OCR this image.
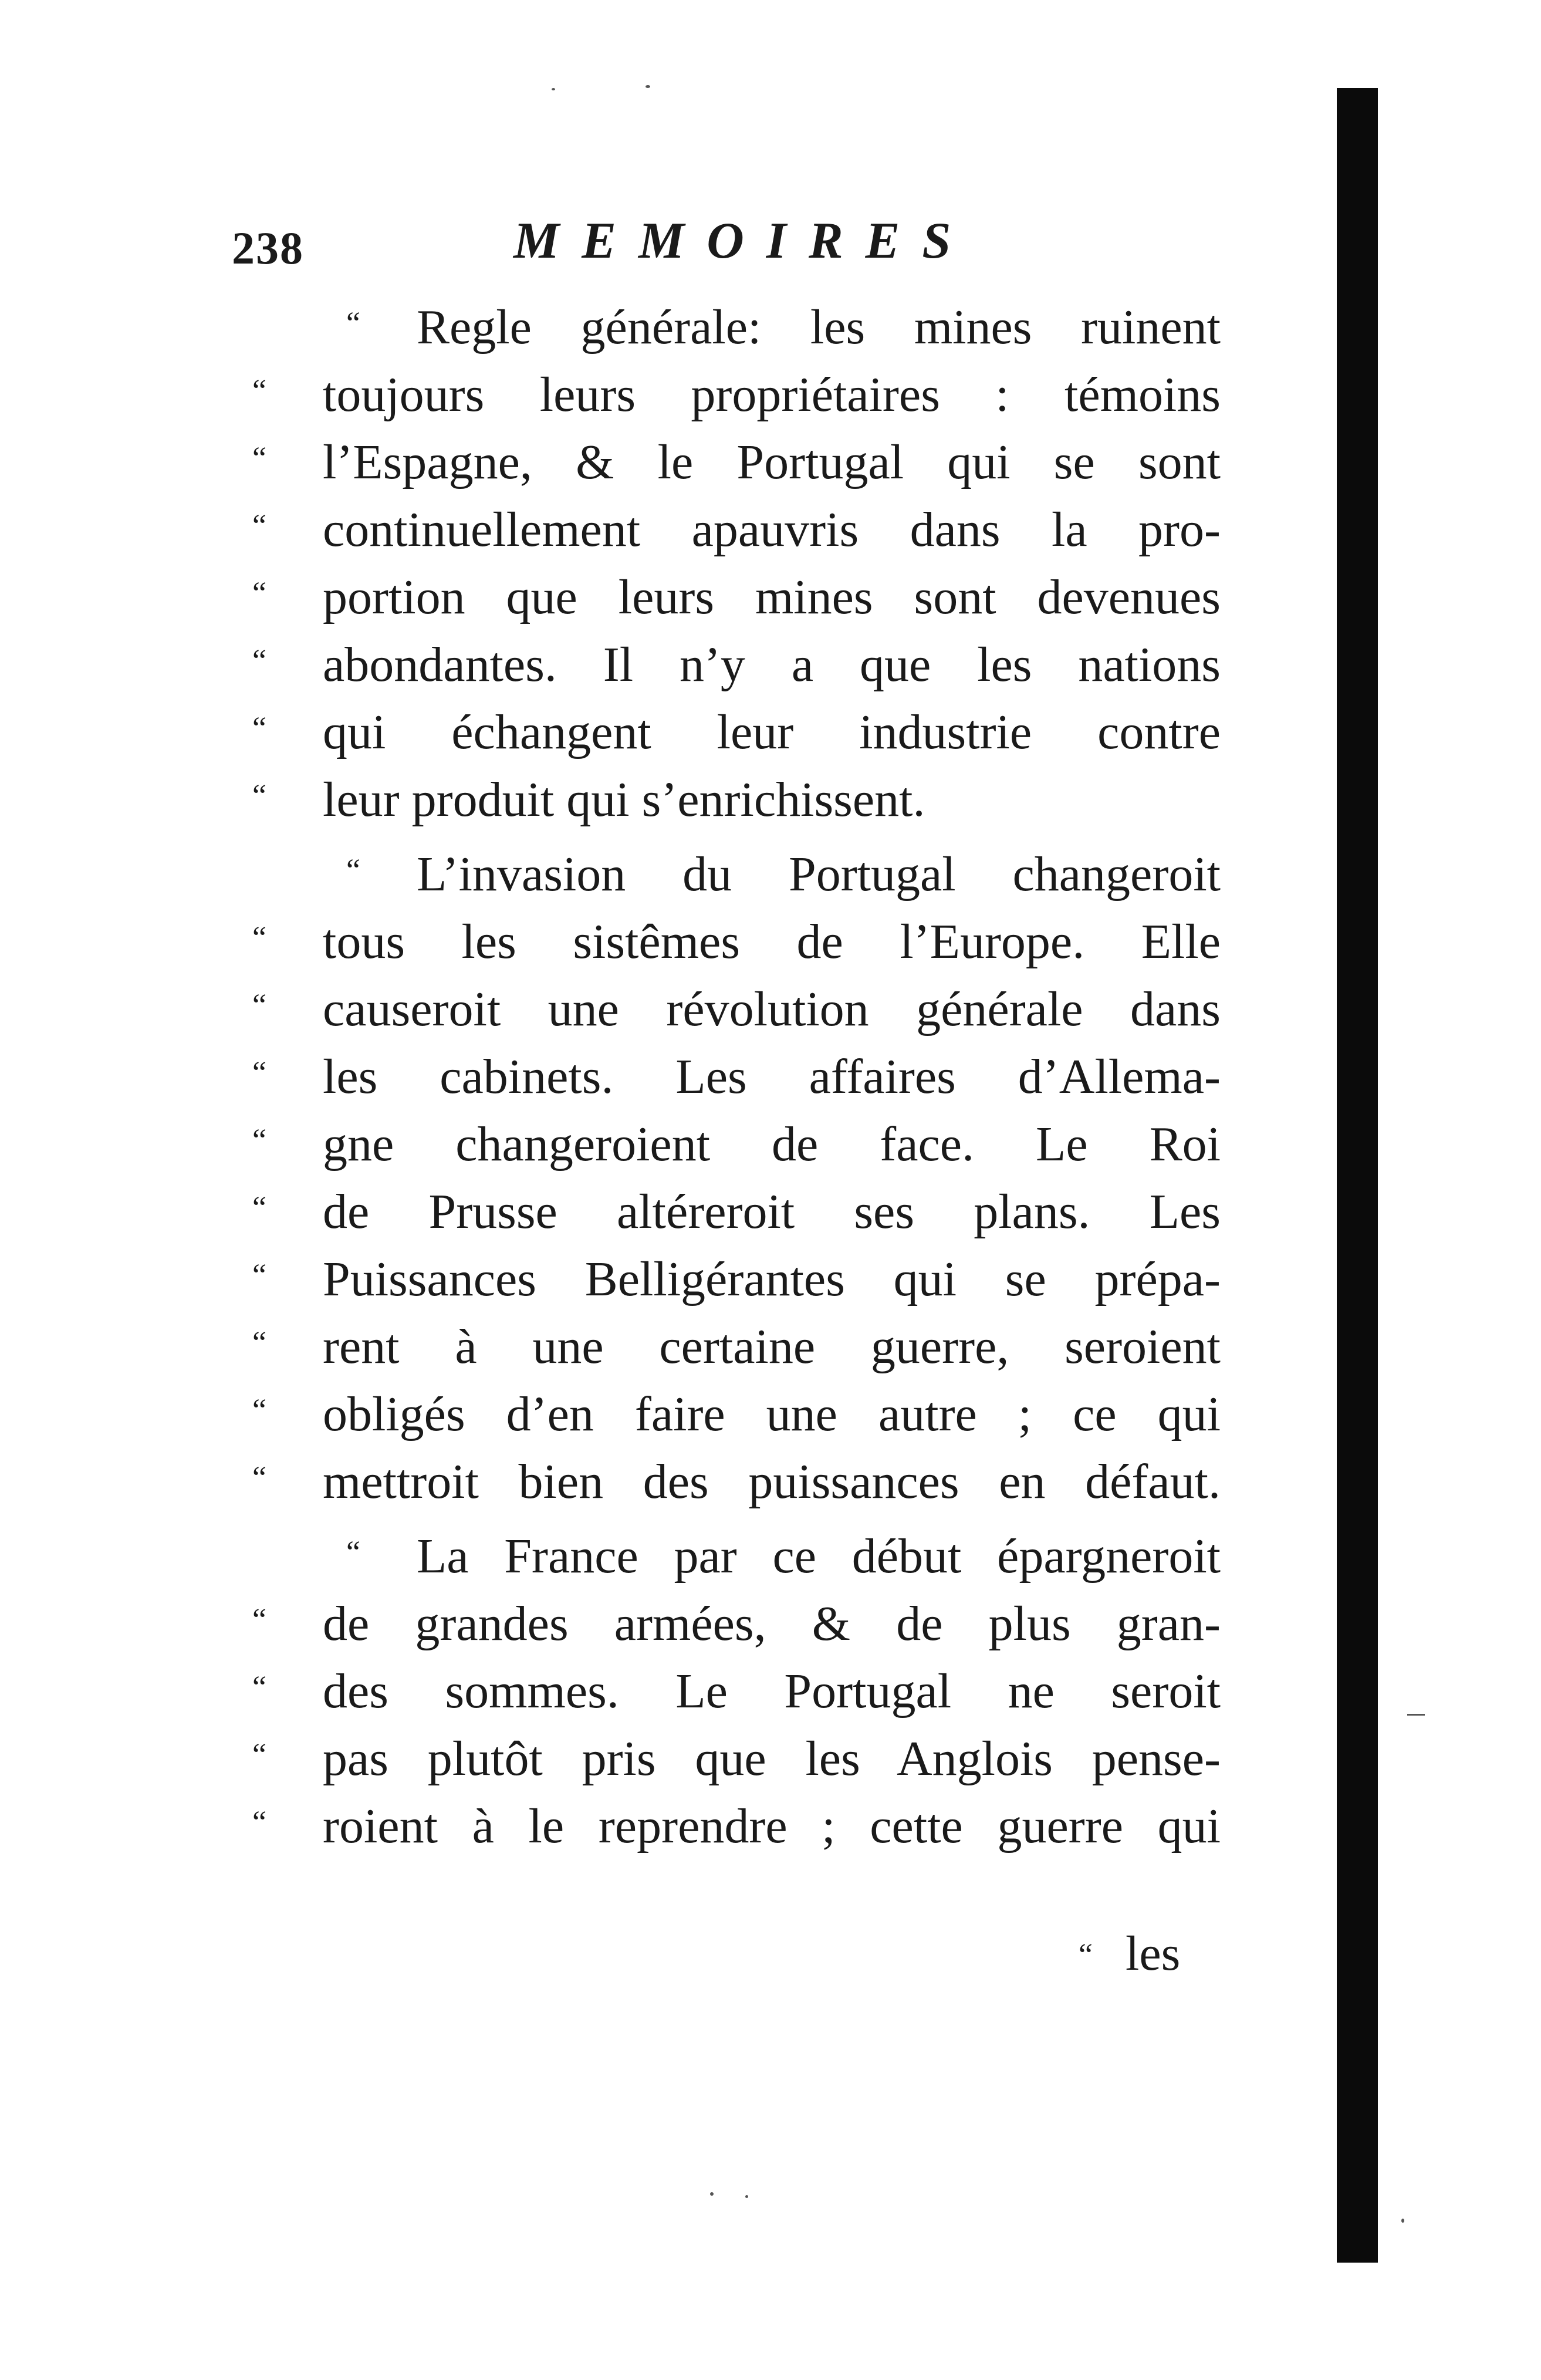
238	MEMOIRES
“ Regle générale: les mines ruinent
“ toujours leurs propriétaires : témoins
“ l’Espagne, & le Portugal qui se sont
“ continuellement apauvris dans la pro-
“ portion que leurs mines sont devenues
“ abondantes. Il n’y a que les nations
“ qui échangent leur industrie contre
“ leur produit qui s’enrichissent.
“ L’invasion du Portugal changeroit
“ tous les sistêmes de l’Europe. Elle
“ causeroit une révolution générale dans
“ les cabinets. Les affaires d’Allema-
“ gne changeroient de face. Le Roi
“ de Prusse altéreroit ses plans. Les
“ Puissances Belligérantes qui se prépa-
“ rent à une certaine guerre, seroient
“ obligés d’en faire une autre ; ce qui
“ mettroit bien des puissances en défaut.
“ La France par ce début épargneroit
“ de grandes armées, & de plus gran-
“ des sommes. Le Portugal ne seroit
“ pas plutôt pris que les Anglois pense-
“ roient à le reprendre ; cette guerre qui
“ les
